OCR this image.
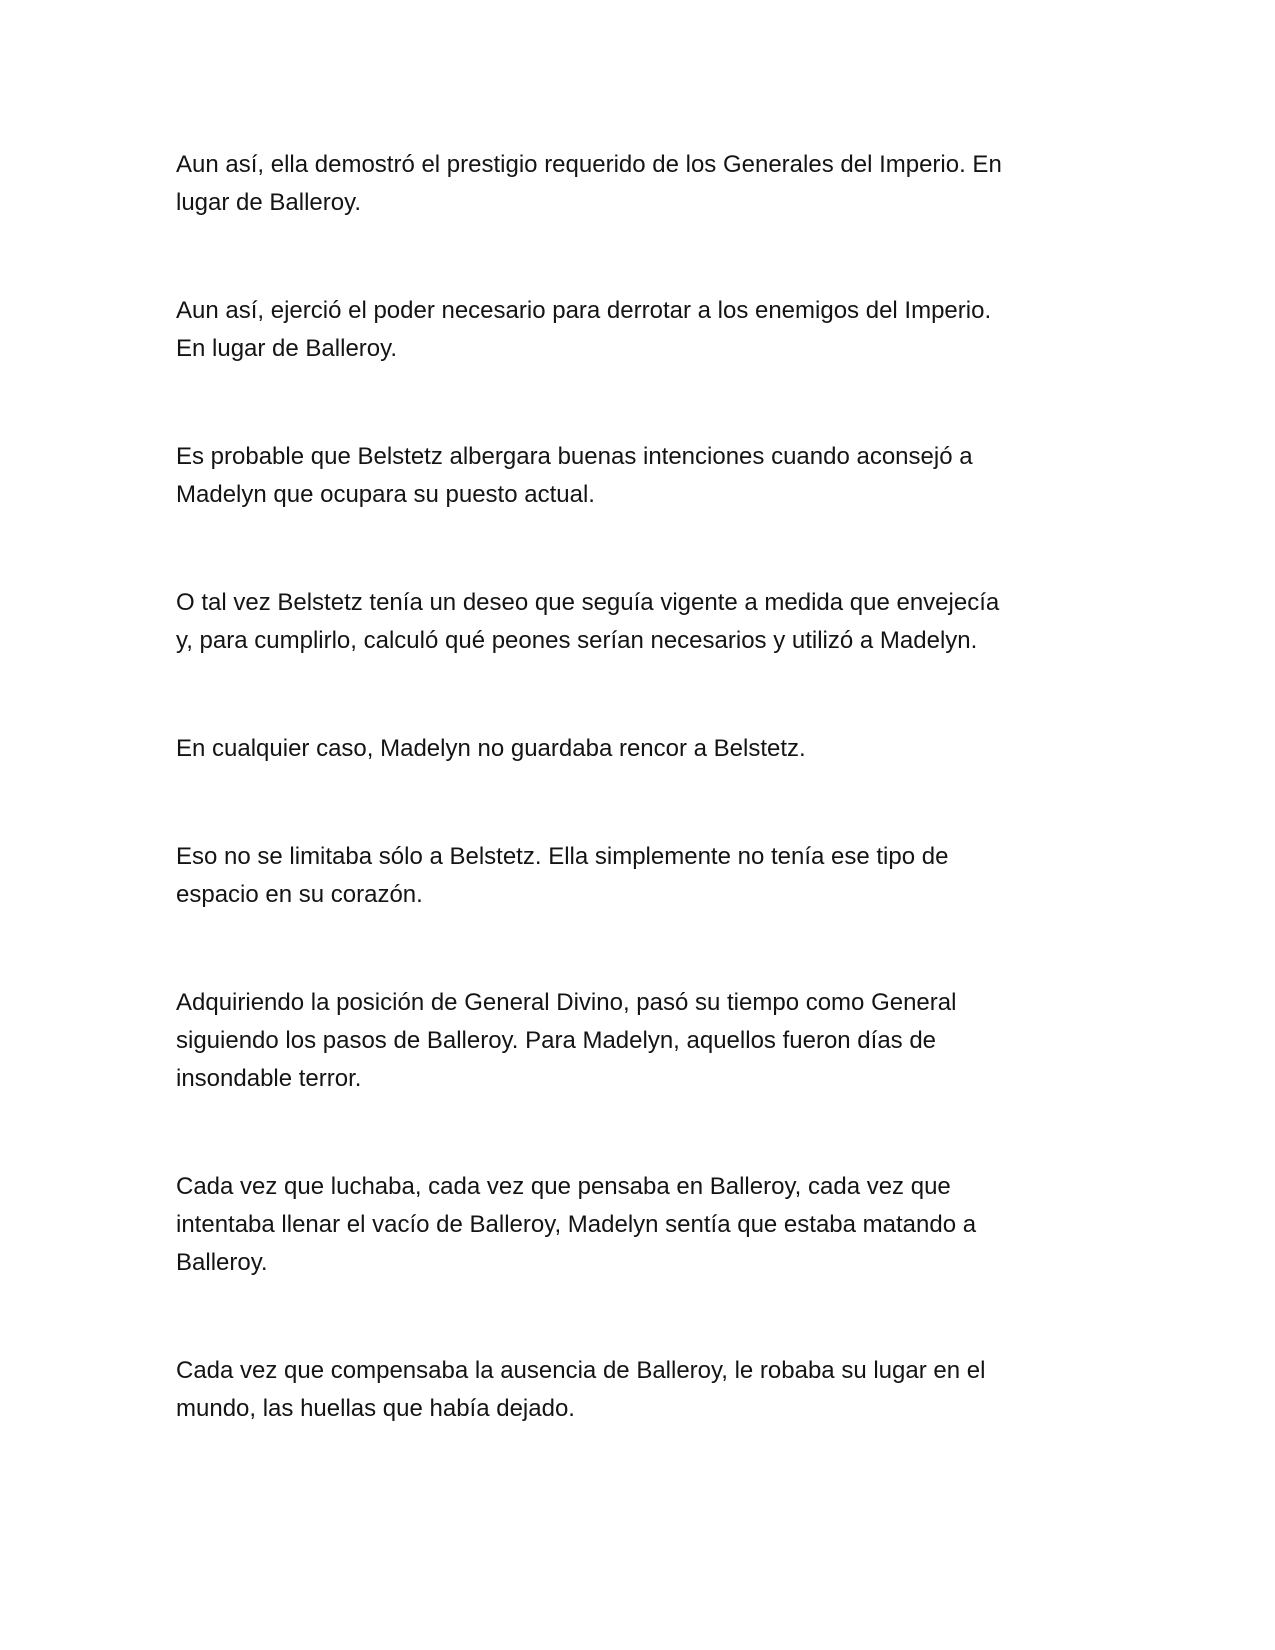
Aun así, ella demostró el prestigio requerido de los Generales del Imperio. En
lugar de Balleroy.

Aun así, ejerció el poder necesario para derrotar a los enemigos del Imperio.
En lugar de Balleroy.

Es probable que Belstetz albergara buenas intenciones cuando aconsejó a
Madelyn que ocupara su puesto actual.

O tal vez Belstetz tenía un deseo que seguía vigente a medida que envejecía
y, para cumplirlo, calculó qué peones serían necesarios y utilizó a Madelyn.

En cualquier caso, Madelyn no guardaba rencor a Belstetz.

Eso no se limitaba sólo a Belstetz. Ella simplemente no tenía ese tipo de
espacio en su corazón.

Adquiriendo la posición de General Divino, pasó su tiempo como General
siguiendo los pasos de Balleroy. Para Madelyn, aquellos fueron días de
insondable terror.

Cada vez que luchaba, cada vez que pensaba en Balleroy, cada vez que
intentaba llenar el vacío de Balleroy, Madelyn sentía que estaba matando a
Balleroy.

Cada vez que compensaba la ausencia de Balleroy, le robaba su lugar en el
mundo, las huellas que había dejado.
